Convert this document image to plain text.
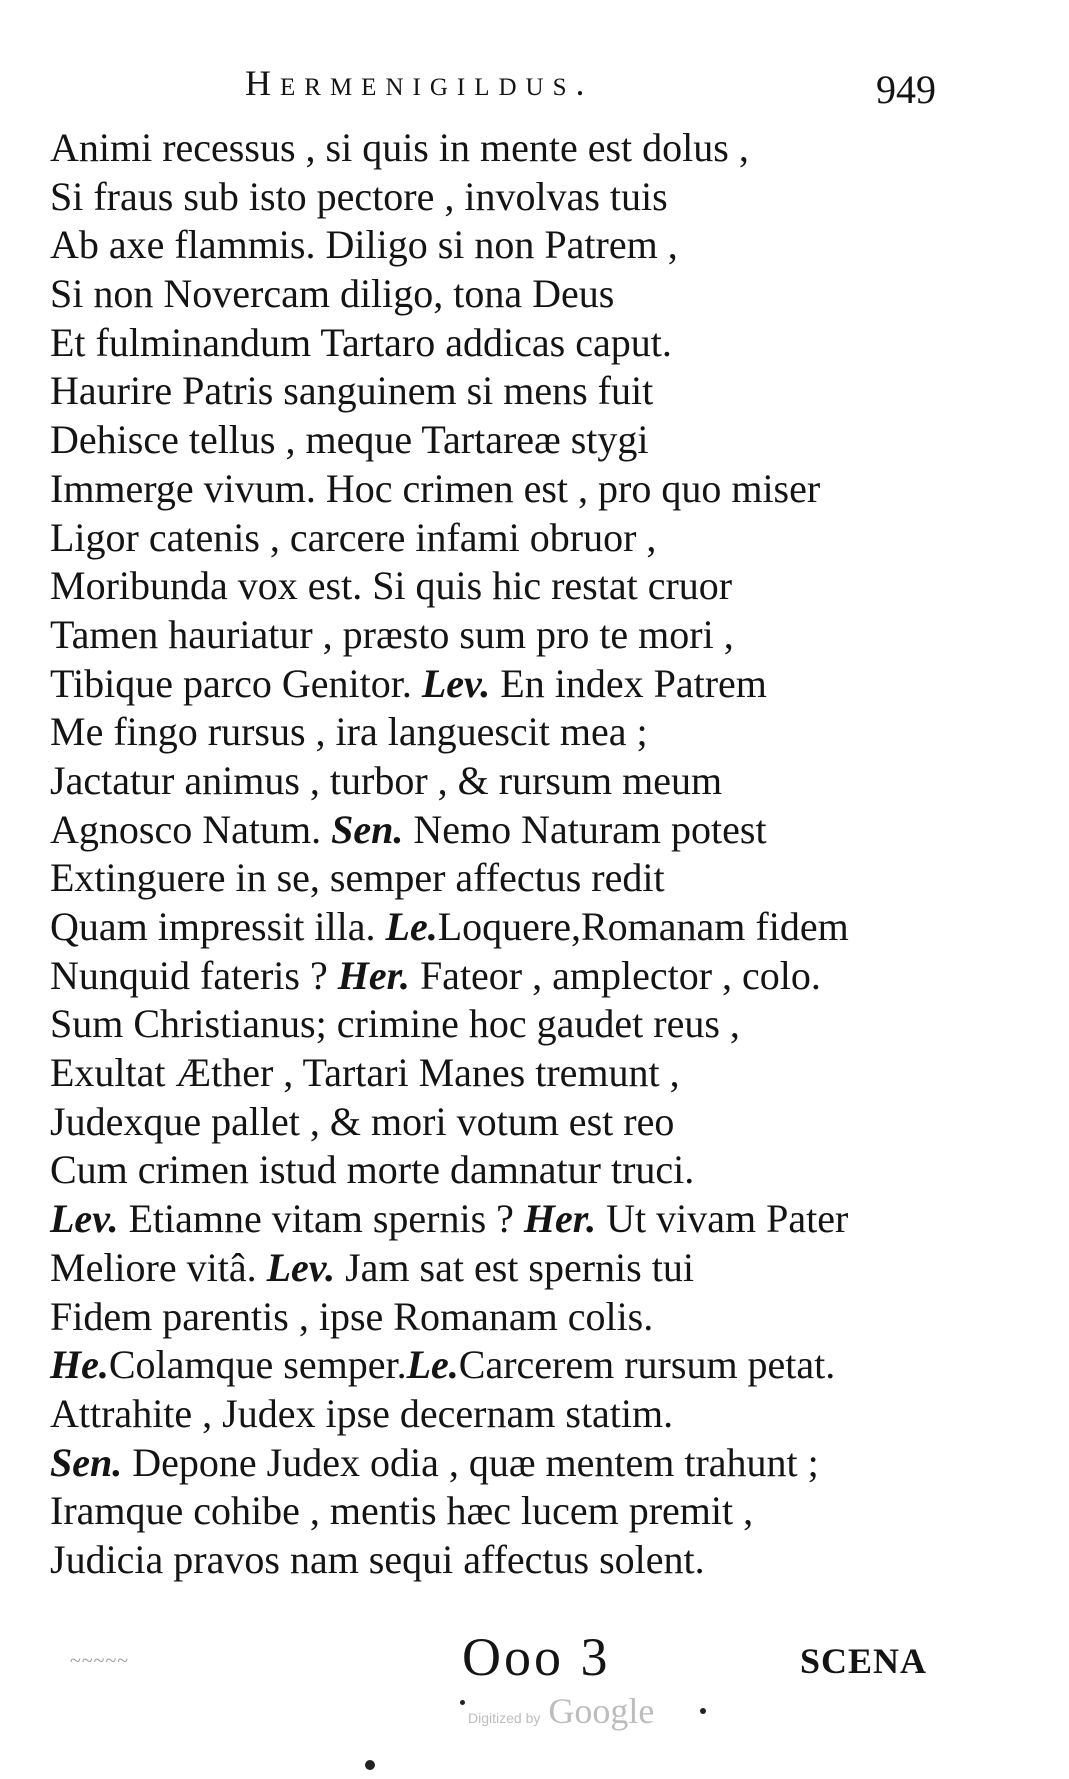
Hermenigildus.	949
Animi recessus , si quis in mente est dolus ,
Si fraus sub isto pectore , involvas tuis
Ab axe flammis. Diligo si non Patrem ,
Si non Novercam diligo, tona Deus
Et fulminandum Tartaro addicas caput.
Haurire Patris sanguinem si mens fuit
Dehisce tellus , meque Tartareæ stygi
Immerge vivum. Hoc crimen est , pro quo miser
Ligor catenis , carcere infami obruor ,
Moribunda vox est. Si quis hic restat cruor
Tamen hauriatur , præsto sum pro te mori ,
Tibique parco Genitor. Lev. En index Patrem
Me fingo rursus , ira languescit mea ;
Jactatur animus , turbor , & rursum meum
Agnosco Natum. Sen. Nemo Naturam potest
Extinguere in se, semper affectus redit
Quam impressit illa. Le.Loquere,Romanam fidem
Nunquid fateris ? Her. Fateor , amplector , colo.
Sum Christianus; crimine hoc gaudet reus ,
Exultat Æther , Tartari Manes tremunt ,
Judexque pallet , & mori votum est reo
Cum crimen istud morte damnatur truci.
Lev. Etiamne vitam spernis ? Her. Ut vivam Pater
Meliore vitâ. Lev. Jam sat est spernis tui
Fidem parentis , ipse Romanam colis.
He.Colamque semper.Le.Carcerem rursum petat.
Attrahite , Judex ipse decernam statim.
Sen. Depone Judex odia , quæ mentem trahunt ;
Iramque cohibe , mentis hæc lucem premit ,
Judicia pravos nam sequi affectus solent.
~~~~~	Ooo 3	SCENA
Digitized by Google
